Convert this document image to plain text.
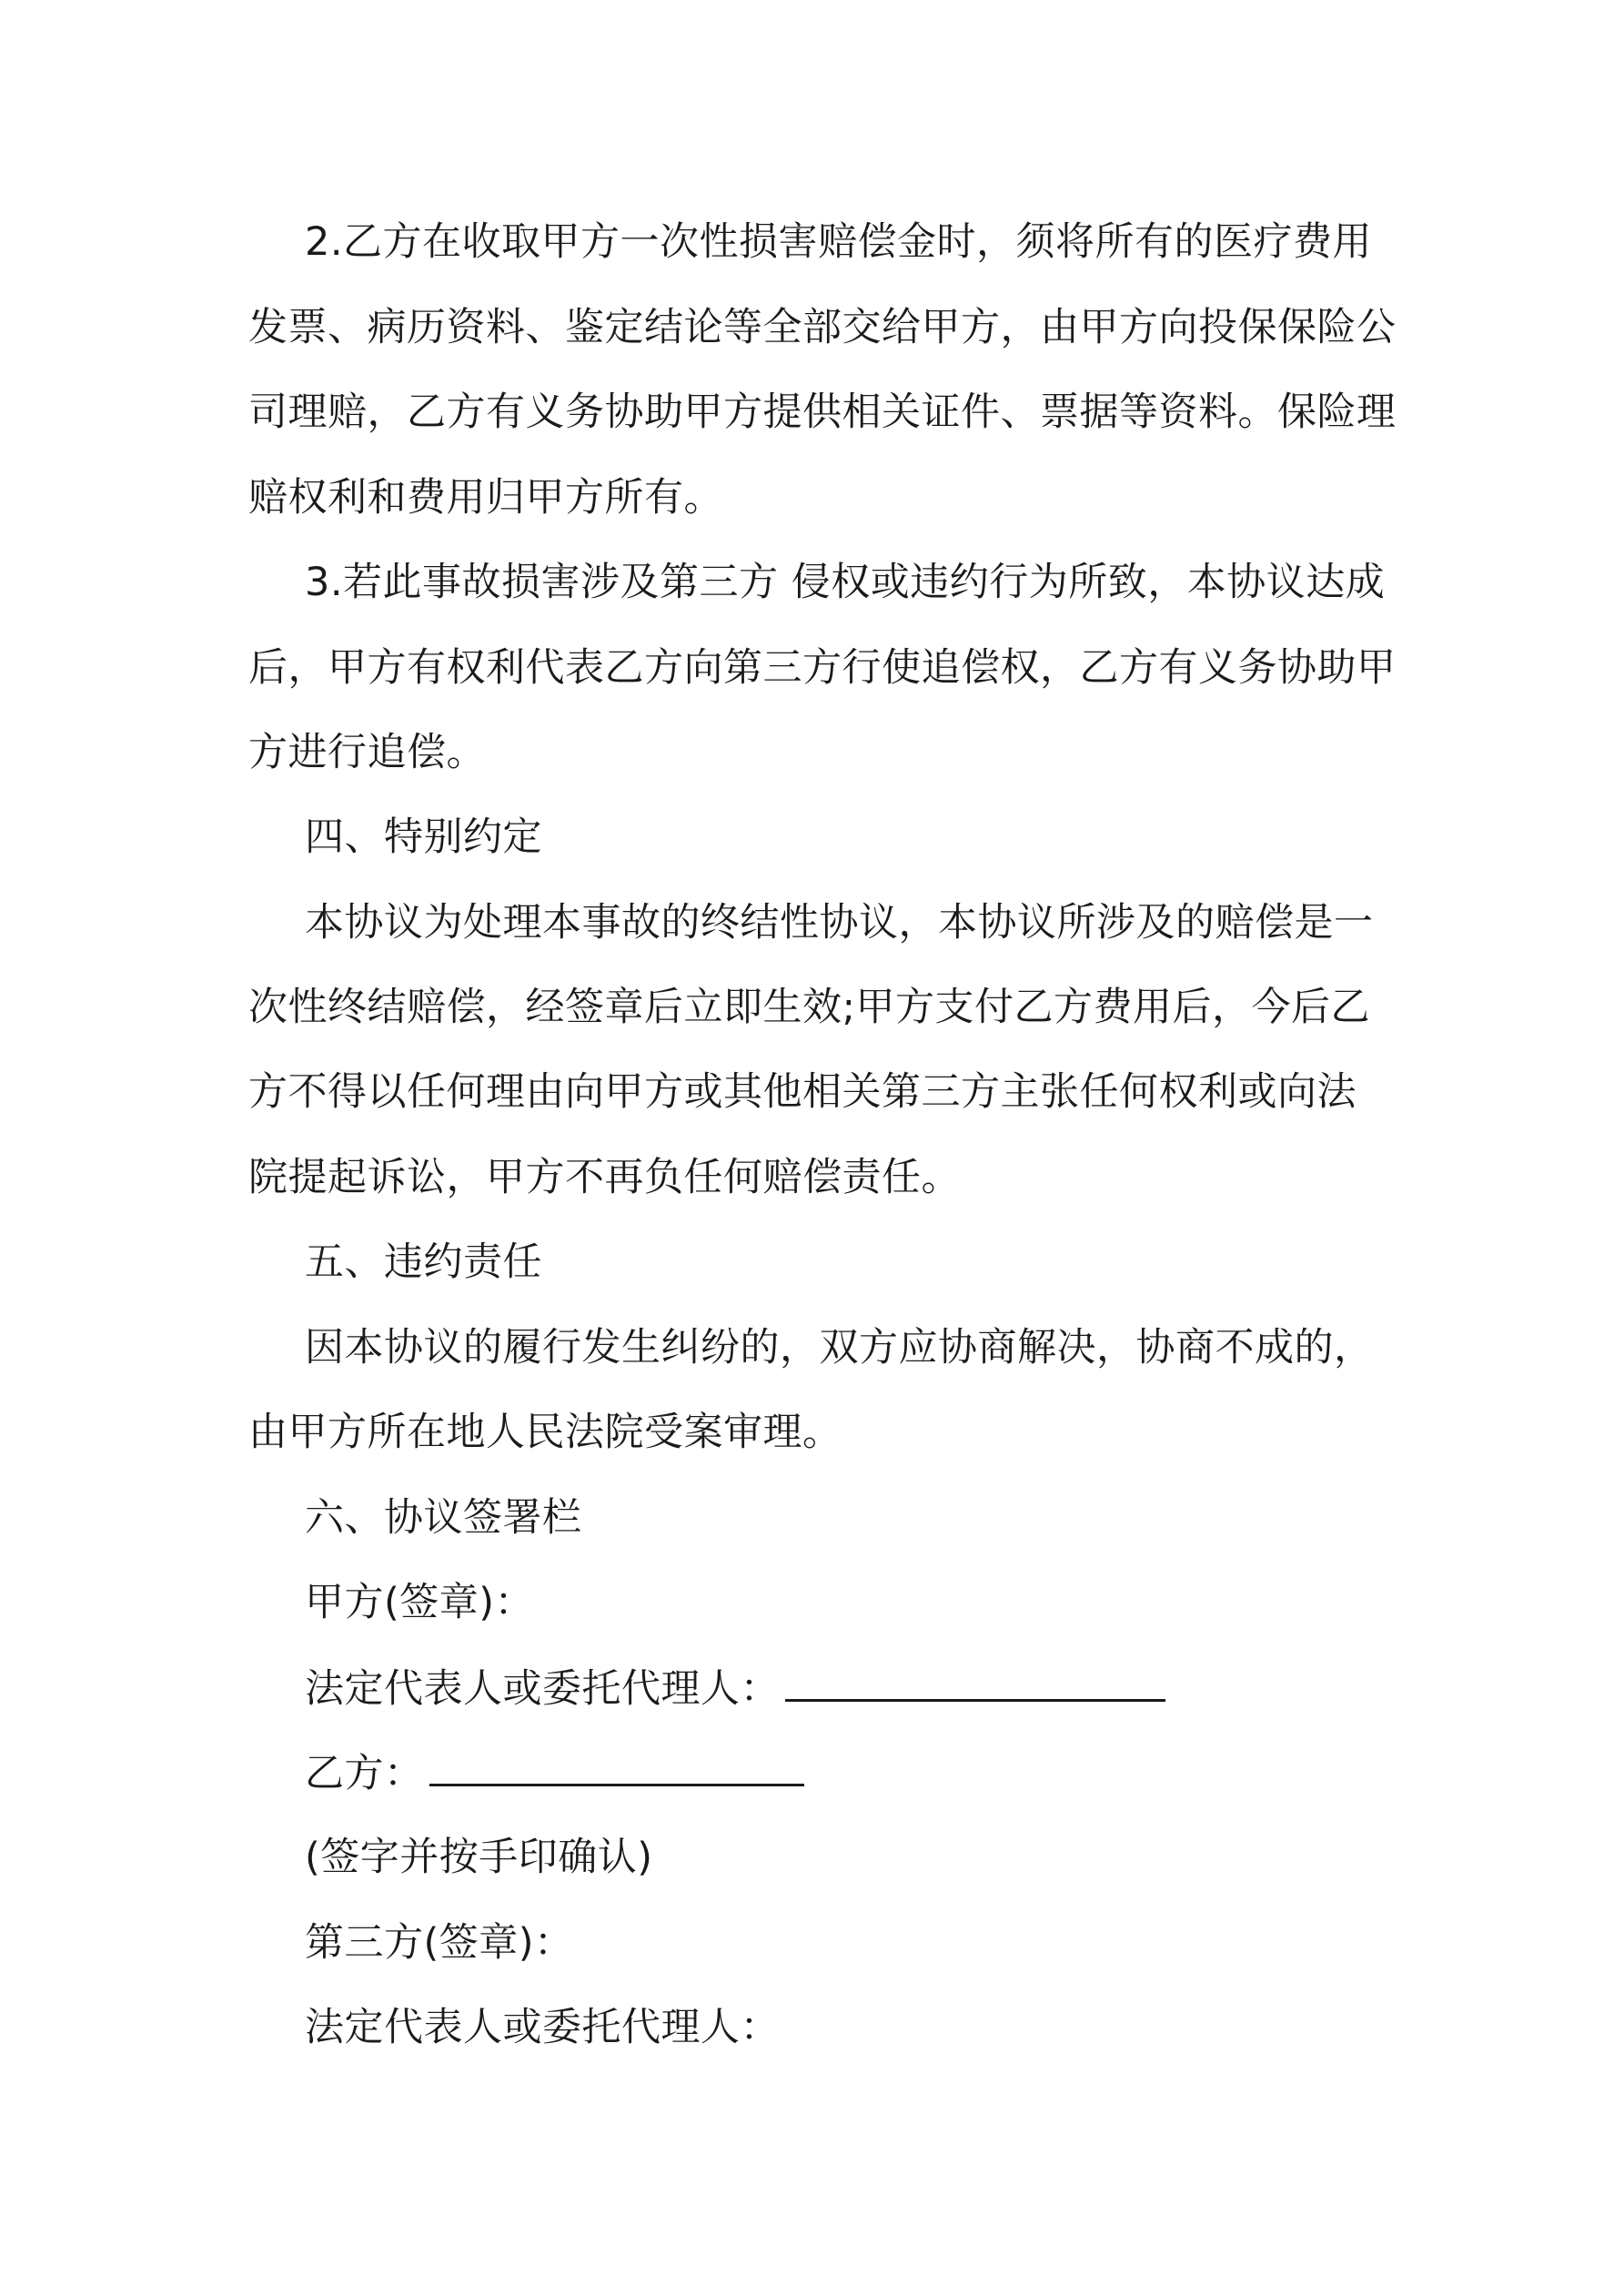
2.乙方在收取甲方一次性损害赔偿金时，须将所有的医疗费用
发票、病历资料、鉴定结论等全部交给甲方，由甲方向投保保险公
司理赔，乙方有义务协助甲方提供相关证件、票据等资料。保险理
赔权利和费用归甲方所有。
3.若此事故损害涉及第三方 侵权或违约行为所致，本协议达成
后，甲方有权利代表乙方向第三方行使追偿权，乙方有义务协助甲
方进行追偿。
四、特别约定
本协议为处理本事故的终结性协议，本协议所涉及的赔偿是一
次性终结赔偿，经签章后立即生效;甲方支付乙方费用后，今后乙
方不得以任何理由向甲方或其他相关第三方主张任何权利或向法
院提起诉讼，甲方不再负任何赔偿责任。
五、违约责任
因本协议的履行发生纠纷的，双方应协商解决，协商不成的，
由甲方所在地人民法院受案审理。
六、协议签署栏
甲方(签章)：
法定代表人或委托代理人：
乙方：
(签字并按手印确认)
第三方(签章)：
法定代表人或委托代理人：
